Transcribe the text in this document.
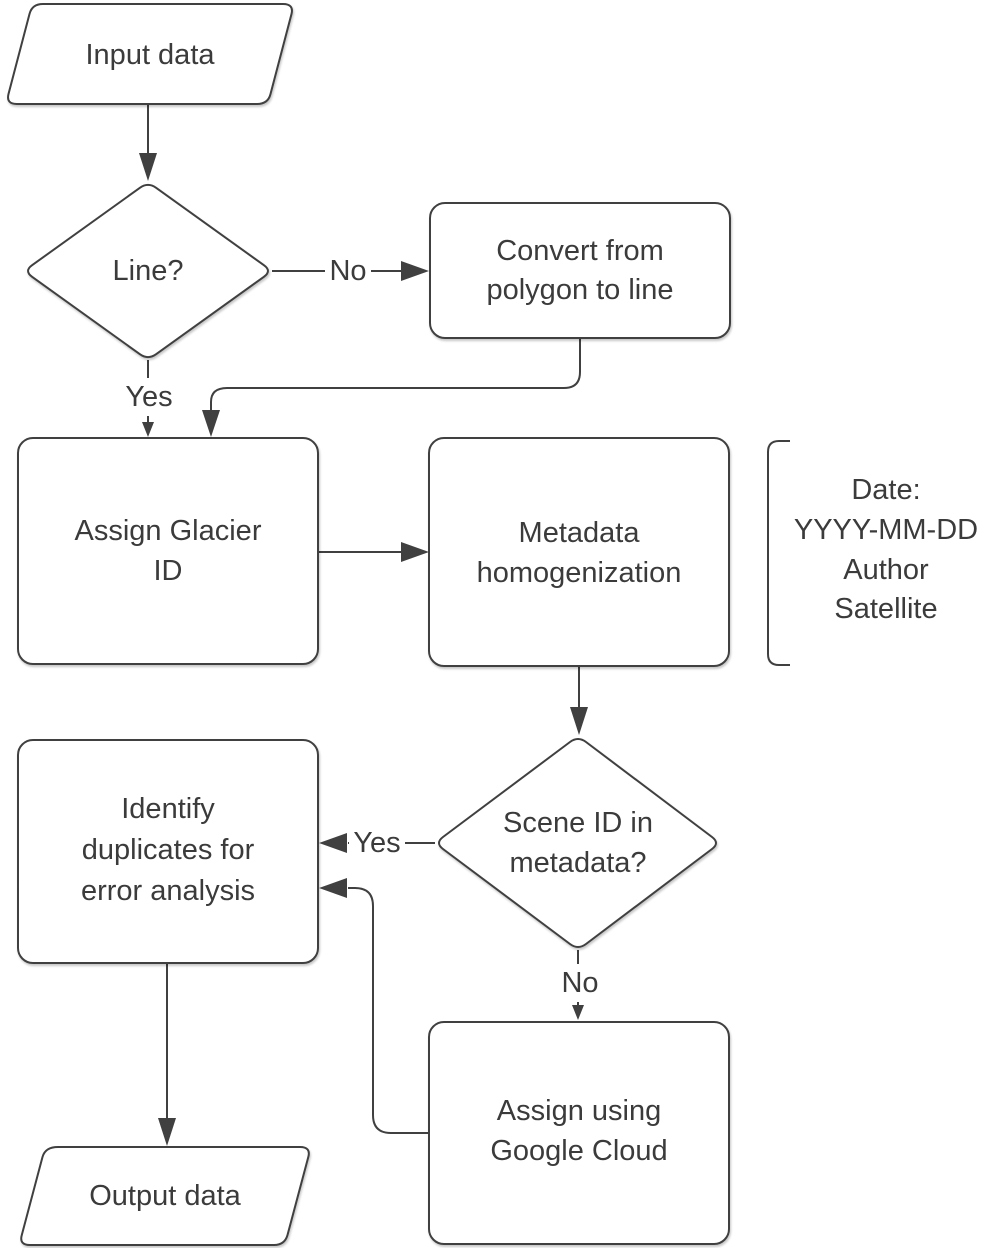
Input data
Line?
Convert from
polygon to line
Assign Glacier
ID
Metadata
homogenization
Date:
YYYY-MM-DD
Author
Satellite
Scene ID in
metadata?
Identify
duplicates for
error analysis
Assign using
Google Cloud
Output data
No
Yes
Yes
No
